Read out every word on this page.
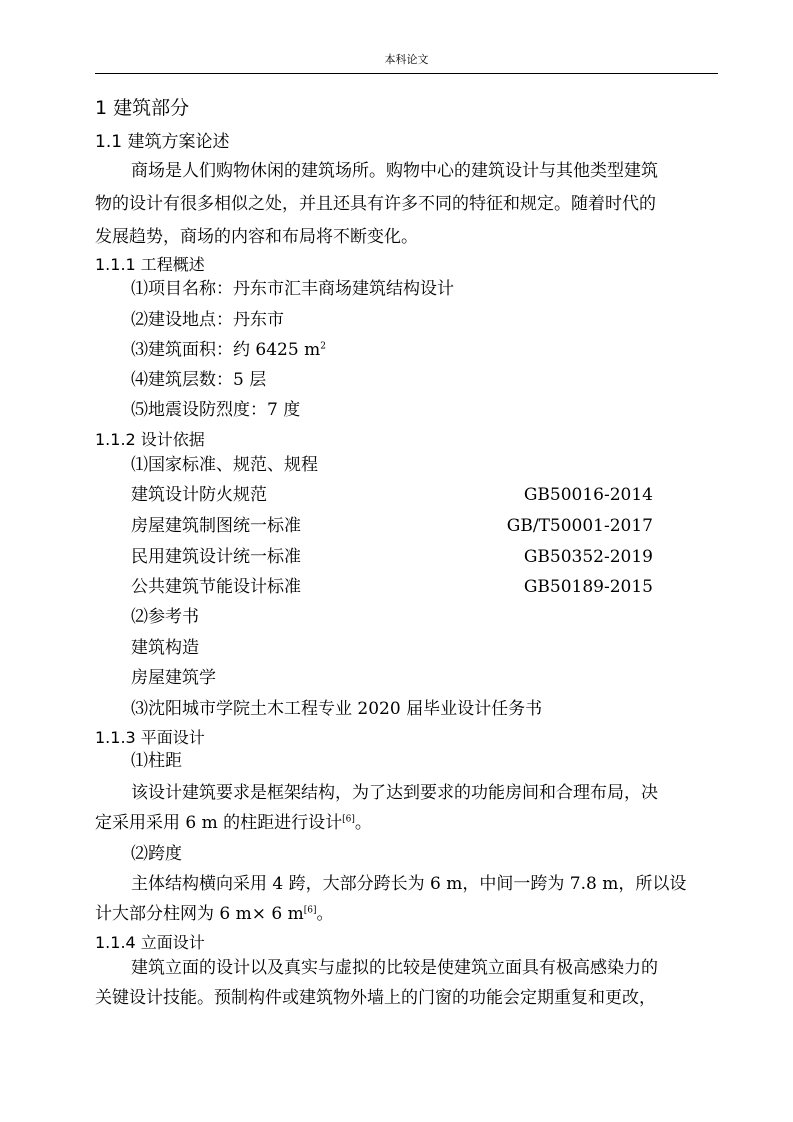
本科论文
1 建筑部分
1.1 建筑方案论述
商场是人们购物休闲的建筑场所。购物中心的建筑设计与其他类型建筑
物的设计有很多相似之处，并且还具有许多不同的特征和规定。随着时代的
发展趋势，商场的内容和布局将不断变化。
1.1.1 工程概述
⑴项目名称：丹东市汇丰商场建筑结构设计
⑵建设地点：丹东市
⑶建筑面积：约 6425 $m^2$
⑷建筑层数：5 层
⑸地震设防烈度：7 度
1.1.2 设计依据
⑴国家标准、规范、规程
建筑设计防火规范	GB50016-2014
房屋建筑制图统一标准	GB/T50001-2017
民用建筑设计统一标准	GB50352-2019
公共建筑节能设计标准	GB50189-2015
⑵参考书
建筑构造
房屋建筑学
⑶沈阳城市学院土木工程专业 2020 届毕业设计任务书
1.1.3 平面设计
⑴柱距
该设计建筑要求是框架结构，为了达到要求的功能房间和合理布局，决
定采用采用 6 m 的柱距进行设计[6]。
⑵跨度
主体结构横向采用 4 跨，大部分跨长为 6 m，中间一跨为 7.8 m，所以设
计大部分柱网为 6 m× 6 m[6]。
1.1.4 立面设计
建筑立面的设计以及真实与虚拟的比较是使建筑立面具有极高感染力的
关键设计技能。预制构件或建筑物外墙上的门窗的功能会定期重复和更改，
